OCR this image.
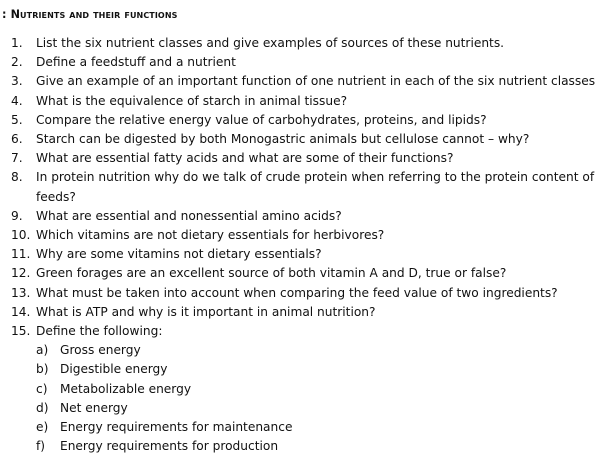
: Nutrients and their functions
1.	List the six nutrient classes and give examples of sources of these nutrients.
2.	Define a feedstuff and a nutrient
3.	Give an example of an important function of one nutrient in each of the six nutrient classes
4.	What is the equivalence of starch in animal tissue?
5.	Compare the relative energy value of carbohydrates, proteins, and lipids?
6.	Starch can be digested by both Monogastric animals but cellulose cannot – why?
7.	What are essential fatty acids and what are some of their functions?
8.	In protein nutrition why do we talk of crude protein when referring to the protein content of feeds?
9.	What are essential and nonessential amino acids?
10. Which vitamins are not dietary essentials for herbivores?
11. Why are some vitamins not dietary essentials?
12. Green forages are an excellent source of both vitamin A and D, true or false?
13. What must be taken into account when comparing the feed value of two ingredients?
14. What is ATP and why is it important in animal nutrition?
15. Define the following:
a) Gross energy
b) Digestible energy
c) Metabolizable energy
d) Net energy
e) Energy requirements for maintenance
f) Energy requirements for production
